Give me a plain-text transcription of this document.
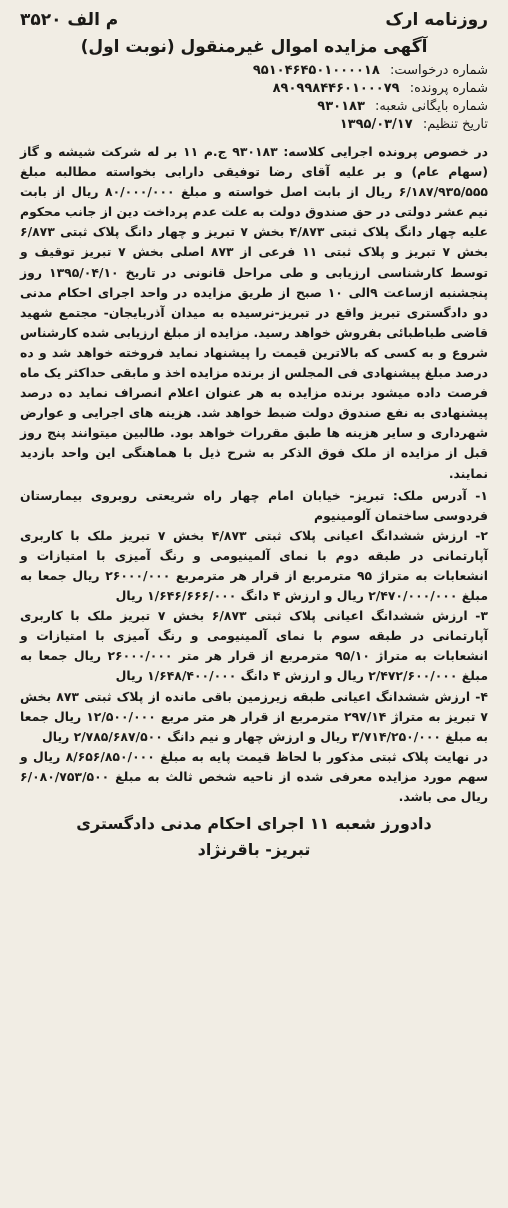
روزنامه ارک
م الف ۳۵۲۰
آگهی مزایده اموال غیرمنقول (نوبت اول)
شماره درخواست: ۹۵۱۰۴۶۴۵۰۱۰۰۰۰۱۸
شماره پرونده: ۸۹۰۹۹۸۴۴۶۰۱۰۰۰۷۹
شماره بایگانی شعبه: ۹۳۰۱۸۳
تاریخ تنظیم: ۱۳۹۵/۰۳/۱۷

در خصوص پرونده اجرایی کلاسه: ۹۳۰۱۸۳ ج.م ۱۱ بر له شرکت شیشه و گاز (سهام عام) و بر علیه آقای رضا توفیقی دارابی بخواسته مطالبه مبلغ ۶/۱۸۷/۹۳۵/۵۵۵ ریال از بابت اصل خواسته و مبلغ ۸۰/۰۰۰/۰۰۰ ریال از بابت نیم عشر دولتی در حق صندوق دولت به علت عدم پرداخت دین از جانب محکوم علیه چهار دانگ پلاک ثبتی ۴/۸۷۳ بخش ۷ تبریز و چهار دانگ پلاک ثبتی ۶/۸۷۳ بخش ۷ تبریز و پلاک ثبتی ۱۱ فرعی از ۸۷۳ اصلی بخش ۷ تبریز توقیف و توسط کارشناسی ارزیابی و طی مراحل قانونی در تاریخ ۱۳۹۵/۰۴/۱۰ روز پنجشنبه ازساعت ۹الی ۱۰ صبح از طریق مزایده در واحد اجرای احکام مدنی دو دادگستری تبریز واقع در تبریز-نرسیده به میدان آذربایجان- مجتمع شهید قاضی طباطبائی بفروش خواهد رسید. مزایده از مبلغ ارزیابی شده کارشناس شروع و به کسی که بالاترین قیمت را پیشنهاد نماید فروخته خواهد شد و ده درصد مبلغ پیشنهادی فی المجلس از برنده مزایده اخذ و مابقی حداکثر یک ماه فرصت داده میشود برنده مزایده به هر عنوان اعلام انصراف نماید ده درصد پیشنهادی به نفع صندوق دولت ضبط خواهد شد. هزینه های اجرایی و عوارض شهرداری و سایر هزینه ها طبق مقررات خواهد بود. طالبین میتوانند پنج روز قبل از مزایده از ملک فوق الذکر به شرح ذیل با هماهنگی این واحد بازدید نمایند.

۱- آدرس ملک: تبریز- خیابان امام چهار راه شریعتی روبروی بیمارستان فردوسی ساختمان آلومینیوم

۲- ارزش ششدانگ اعیانی پلاک ثبتی ۴/۸۷۳ بخش ۷ تبریز ملک با کاربری آپارتمانی در طبقه دوم با نمای آلمینیومی و رنگ آمیزی با امتیازات و انشعابات به متراژ ۹۵ مترمربع از قرار هر مترمربع ۲۶۰۰۰/۰۰۰ ریال جمعا به مبلغ ۲/۴۷۰/۰۰۰/۰۰۰ ریال و ارزش ۴ دانگ ۱/۶۴۶/۶۶۶/۰۰۰ ریال

۳- ارزش ششدانگ اعیانی پلاک ثبتی ۶/۸۷۳ بخش ۷ تبریز ملک با کاربری آپارتمانی در طبقه سوم با نمای آلمینیومی و رنگ آمیزی با امتیازات و انشعابات به متراژ ۹۵/۱۰ مترمربع از قرار هر متر ۲۶۰۰۰/۰۰۰ ریال جمعا به مبلغ ۲/۴۷۲/۶۰۰/۰۰۰ ریال و ارزش ۴ دانگ ۱/۶۴۸/۴۰۰/۰۰۰ ریال

۴- ارزش ششدانگ اعیانی طبقه زیرزمین باقی مانده از پلاک ثبتی ۸۷۳ بخش ۷ تبریز به متراژ ۲۹۷/۱۴ مترمربع از قرار هر متر مربع ۱۲/۵۰۰/۰۰۰ ریال جمعا به مبلغ ۳/۷۱۴/۲۵۰/۰۰۰ ریال و ارزش چهار و نیم دانگ ۲/۷۸۵/۶۸۷/۵۰۰ ریال

در نهایت پلاک ثبتی مذکور با لحاظ قیمت پایه به مبلغ ۸/۶۵۶/۸۵۰/۰۰۰ ریال و سهم مورد مزایده معرفی شده از ناحیه شخص ثالث به مبلغ ۶/۰۸۰/۷۵۳/۵۰۰ ریال می باشد.

دادورز شعبه ۱۱ اجرای احکام مدنی دادگستری
تبریز- باقرنژاد
